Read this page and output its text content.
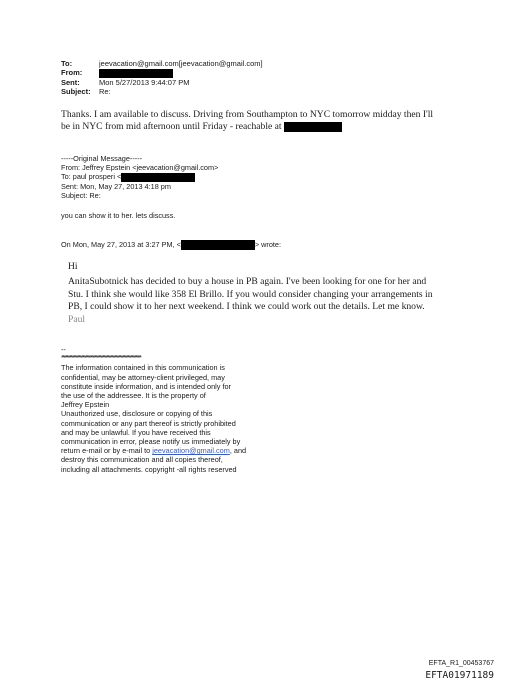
To:	jeevacation@gmail.com[jeevacation@gmail.com]
From:
Sent:	Mon 5/27/2013 9:44:07 PM
Subject: Re:
Thanks. I am available to discuss. Driving from Southampton to NYC tomorrow midday then I'll
be in NYC from mid afternoon until Friday - reachable at
-----Original Message-----
From: Jeffrey Epstein <jeevacation@gmail.com>
To: paul prosperi <
Sent: Mon, May 27, 2013 4:18 pm
Subject: Re:
you can show it to her. lets discuss.
On Mon, May 27, 2013 at 3:27 PM, <	> wrote:
Hi
AnitaSubotnick has decided to buy a house in PB again. I've been looking for one for her and
Stu. I think she would like 358 El Brillo. If you would consider changing your arrangements in
PB, I could show it to her next weekend. I think we could work out the details. Let me know.
Paul
--
************************************************************
The information contained in this communication is
confidential, may be attorney-client privileged, may
constitute inside information, and is intended only for
the use of the addressee. It is the property of
Jeffrey Epstein
Unauthorized use, disclosure or copying of this
communication or any part thereof is strictly prohibited
and may be unlawful. If you have received this
communication in error, please notify us immediately by
return e-mail or by e-mail to jeevacation@gmail.com, and
destroy this communication and all copies thereof,
including all attachments. copyright -all rights reserved
EFTA_R1_00453767
EFTA01971189
